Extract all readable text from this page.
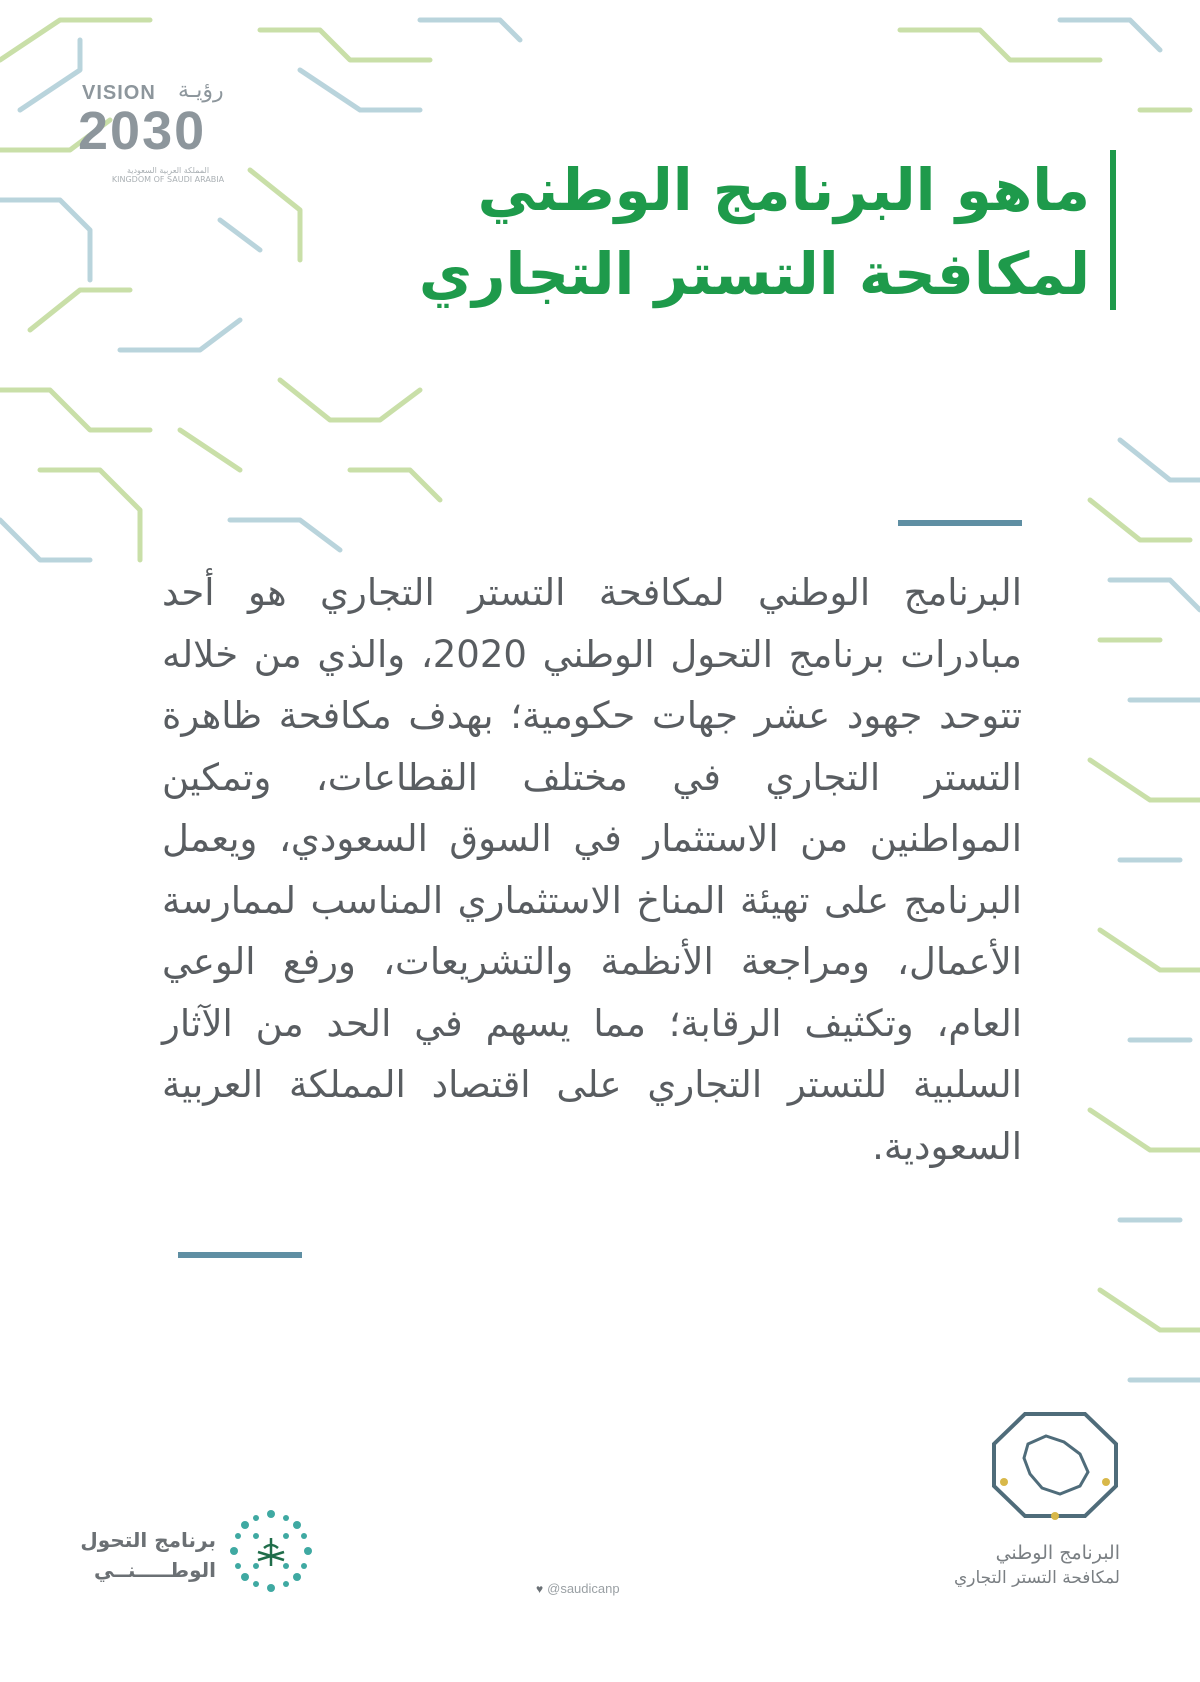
VISION رؤيـة
2030
المملكة العربية السعودية KINGDOM OF SAUDI ARABIA	ماهو البرنامج الوطني
لمكافحة التستر التجاري
البرنامج الوطني لمكافحة التستر التجاري هو أحد مبادرات برنامج التحول الوطني 2020، والذي من خلاله تتوحد جهود عشر جهات حكومية؛ بهدف مكافحة ظاهرة التستر التجاري في مختلف القطاعات، وتمكين المواطنين من الاستثمار في السوق السعودي، ويعمل البرنامج على تهيئة المناخ الاستثماري المناسب لممارسة الأعمال، ومراجعة الأنظمة والتشريعات، ورفع الوعي العام، وتكثيف الرقابة؛ مما يسهم في الحد من الآثار السلبية للتستر التجاري على اقتصاد المملكة العربية السعودية.
البرنامج الوطني
لمكافحة التستر التجاري
♥ @saudicanp
برنامج التحول
الوطـــــنــي
